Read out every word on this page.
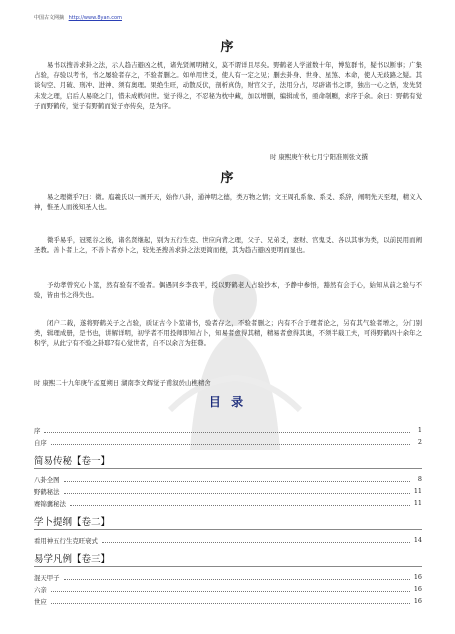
中国古文网摘 http://www.8yan.com
序
易书以搜善求卦之法，示人趋吉避凶之机，诸先贤阐明精义，莫不谓详且尽矣。野鹤老人学道数十年，博览群书，疑书以断事；广集占验，存验以考书，书之屡验者存之，不验者删之。如单用世爻，使人有一定之见；删去卦身、世身、星煞、本命，使人无歧路之疑。其谈旬空、月破、刑冲、进神、须有奥理。果绝生旺，动散反伏，剖析真伪，财官父子，法用分占，尽辟诸书之谬，独出一心之悟，发先贤未发之理，启后人易晓之门，惜未成帙问世。觉子得之，不忍秘为枕中藏，加以增删，编辑成书，亟命剞劂，求序于余。余曰：野鹤有觉子而野鹤传，觉子有野鹤而觉子亦传矣，是为序。
时 康熙庚午秋七月宁阳准则张文撰
序
易之理微乎?曰：微。庖羲氏以一画开天，始作八卦，通神明之德，类万物之情；文王周孔系象、系爻、系辞，阐明先天至理，精义入神，惟圣人而後知圣人也。
微乎易乎，冠冕谷之後，诸名贤继起，别为五行生克、世应向背之理，父子、兄弟爻，妻财、官鬼爻、各以其事为类，以前民用而阐圣教。善卜者上之，不善卜者亦卜之，较先圣搜善求卦之法更简而便，其为趋吉避凶更明而显也。
予幼孝曾究心卜筮，然有验有不验者。偶遇同乡李我平，授以野鹤老人占验抄本，予静中参悟，豁然有会于心，始知从前之验与不验，皆由书之得失也。
闭户二载，遂将野鹤关子之占验，质证古今卜筮诸书，验者存之，不验者删之；内有不合于理者论之，另有其气验者增之，分门别类，辑理成册，是书也，讲解详明，初学者不用投师即知占卜，知易者愈得其精，精易者愈得其奥，不须半载工夫，可得野鹤四十余年之积学，从此宁有不验之卦耶?有心觉世者，自不以余言为狂瞽。
时 康熙二十九年庚午孟夏朔日 湖南李文辉觉子甫叙於山樵精舍
目 录
序	1
自序	2
简易传秘【卷一】
八卦全图	8
野鹤秘法	11
赛锦囊秘法	11
学卜提纲【卷二】
看用神五行生克旺衰式	14
易学凡例【卷三】
混天甲子	16
六亲	16
世应	16
